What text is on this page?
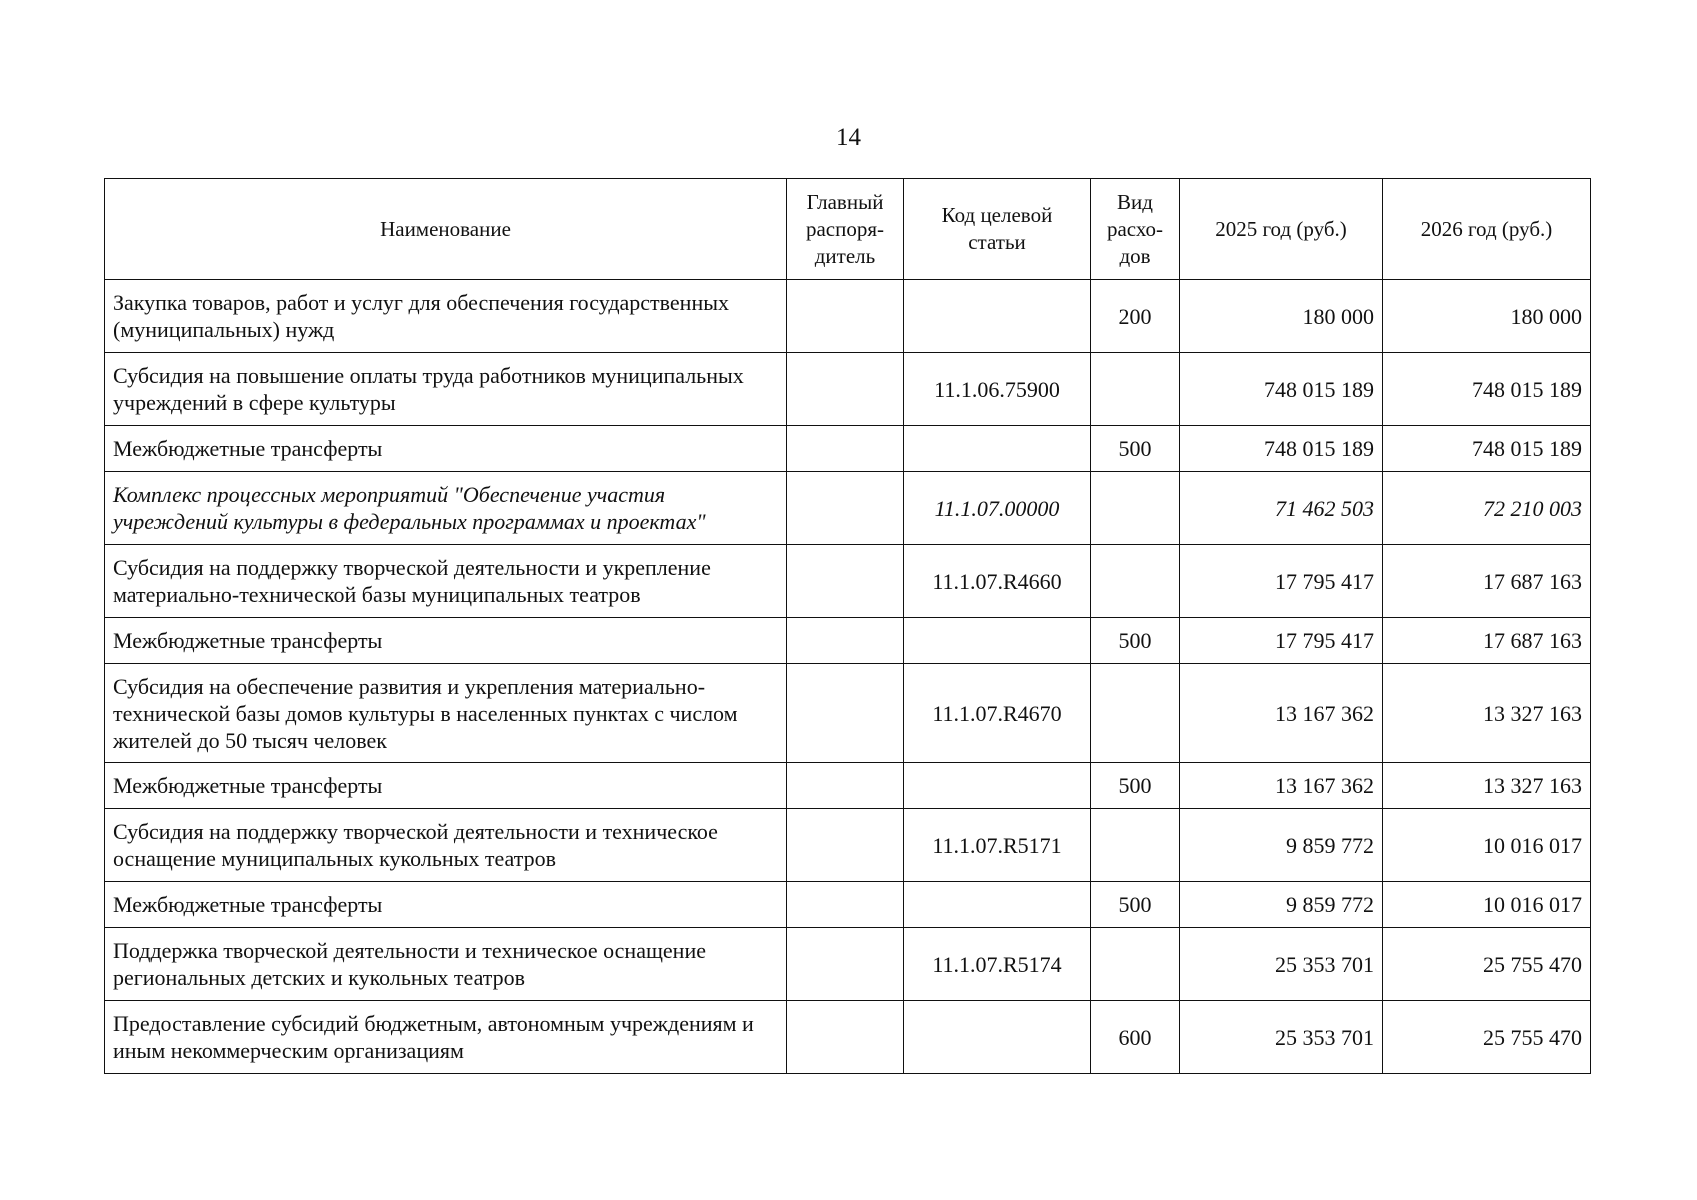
14
Наименование	Главный распоря-дитель	Код целевой статьи	Вид расхо-дов	2025 год (руб.)	2026 год (руб.)
Закупка товаров, работ и услуг для обеспечения государственных (муниципальных) нужд			200	180 000	180 000
Субсидия на повышение оплаты труда работников муниципальных учреждений в сфере культуры		11.1.06.75900		748 015 189	748 015 189
Межбюджетные трансферты			500	748 015 189	748 015 189
Комплекс процессных мероприятий "Обеспечение участия учреждений культуры в федеральных программах и проектах"		11.1.07.00000		71 462 503	72 210 003
Субсидия на поддержку творческой деятельности и укрепление материально-технической базы муниципальных театров		11.1.07.R4660		17 795 417	17 687 163
Межбюджетные трансферты			500	17 795 417	17 687 163
Субсидия на обеспечение развития и укрепления материально-технической базы домов культуры в населенных пунктах с числом жителей до 50 тысяч человек		11.1.07.R4670		13 167 362	13 327 163
Межбюджетные трансферты			500	13 167 362	13 327 163
Субсидия на поддержку творческой деятельности и техническое оснащение муниципальных кукольных театров		11.1.07.R5171		9 859 772	10 016 017
Межбюджетные трансферты			500	9 859 772	10 016 017
Поддержка творческой деятельности и техническое оснащение региональных детских и кукольных театров		11.1.07.R5174		25 353 701	25 755 470
Предоставление субсидий бюджетным, автономным учреждениям и иным некоммерческим организациям			600	25 353 701	25 755 470
